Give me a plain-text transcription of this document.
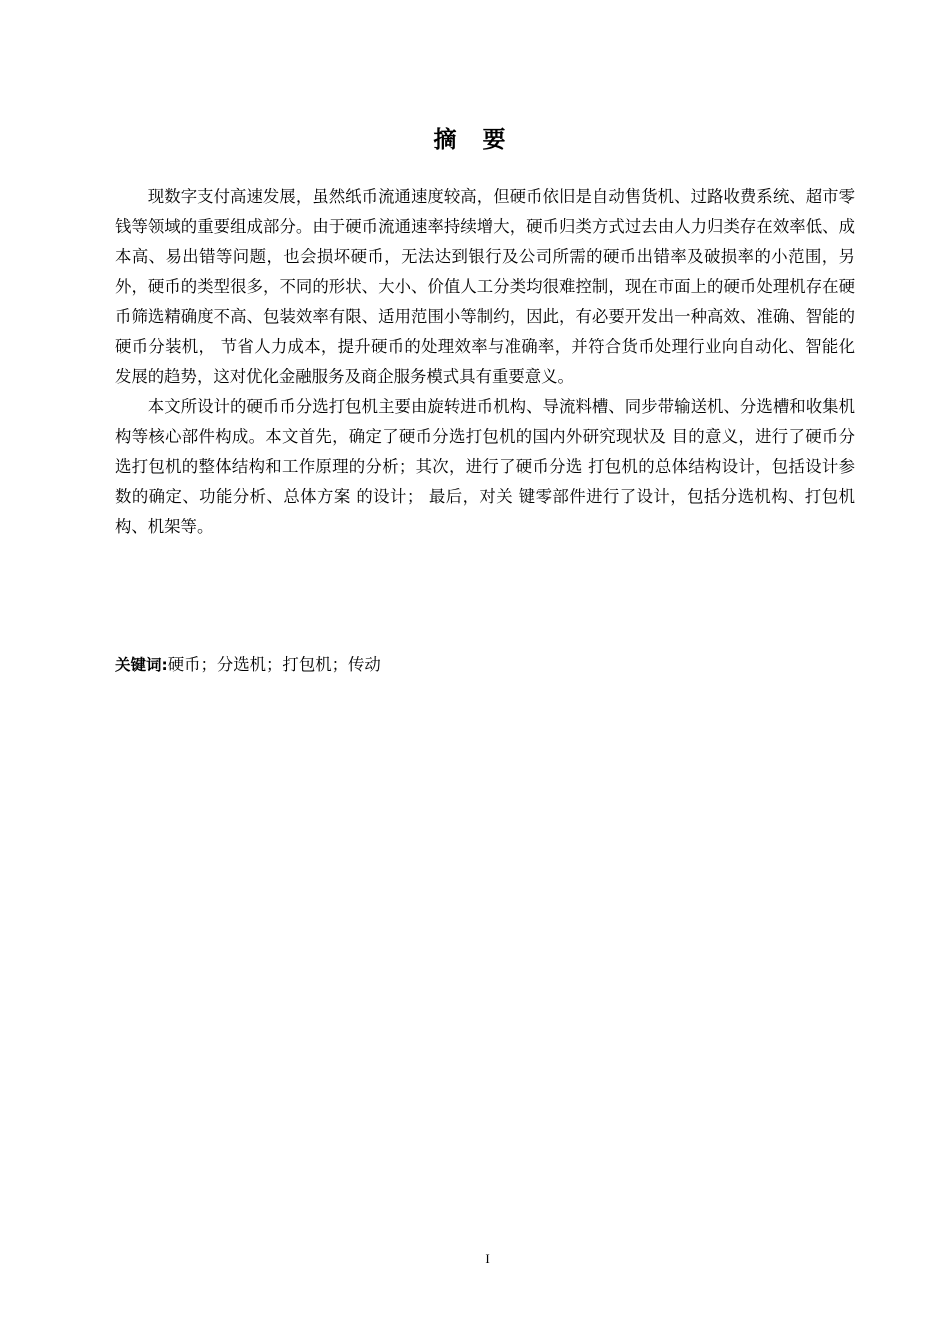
摘要

现数字支付高速发展，虽然纸币流通速度较高，但硬币依旧是自动售货机、过路收费系统、超市零钱等领域的重要组成部分。由于硬币流通速率持续增大，硬币归类方式过去由人力归类存在效率低、成本高、易出错等问题，也会损坏硬币，无法达到银行及公司所需的硬币出错率及破损率的小范围，另外，硬币的类型很多，不同的形状、大小、价值人工分类均很难控制，现在市面上的硬币处理机存在硬币筛选精确度不高、包装效率有限、适用范围小等制约，因此，有必要开发出一种高效、准确、智能的硬币分装机， 节省人力成本，提升硬币的处理效率与准确率，并符合货币处理行业向自动化、智能化发展的趋势，这对优化金融服务及商企服务模式具有重要意义。

本文所设计的硬币币分选打包机主要由旋转进币机构、导流料槽、同步带输送机、分选槽和收集机构等核心部件构成。本文首先，确定了硬币分选打包机的国内外研究现状及 目的意义，进行了硬币分选打包机的整体结构和工作原理的分析；其次，进行了硬币分选 打包机的总体结构设计，包括设计参数的确定、功能分析、总体方案 的设计； 最后，对关 键零部件进行了设计，包括分选机构、打包机构、机架等。

关键词:硬币；分选机；打包机；传动

I
